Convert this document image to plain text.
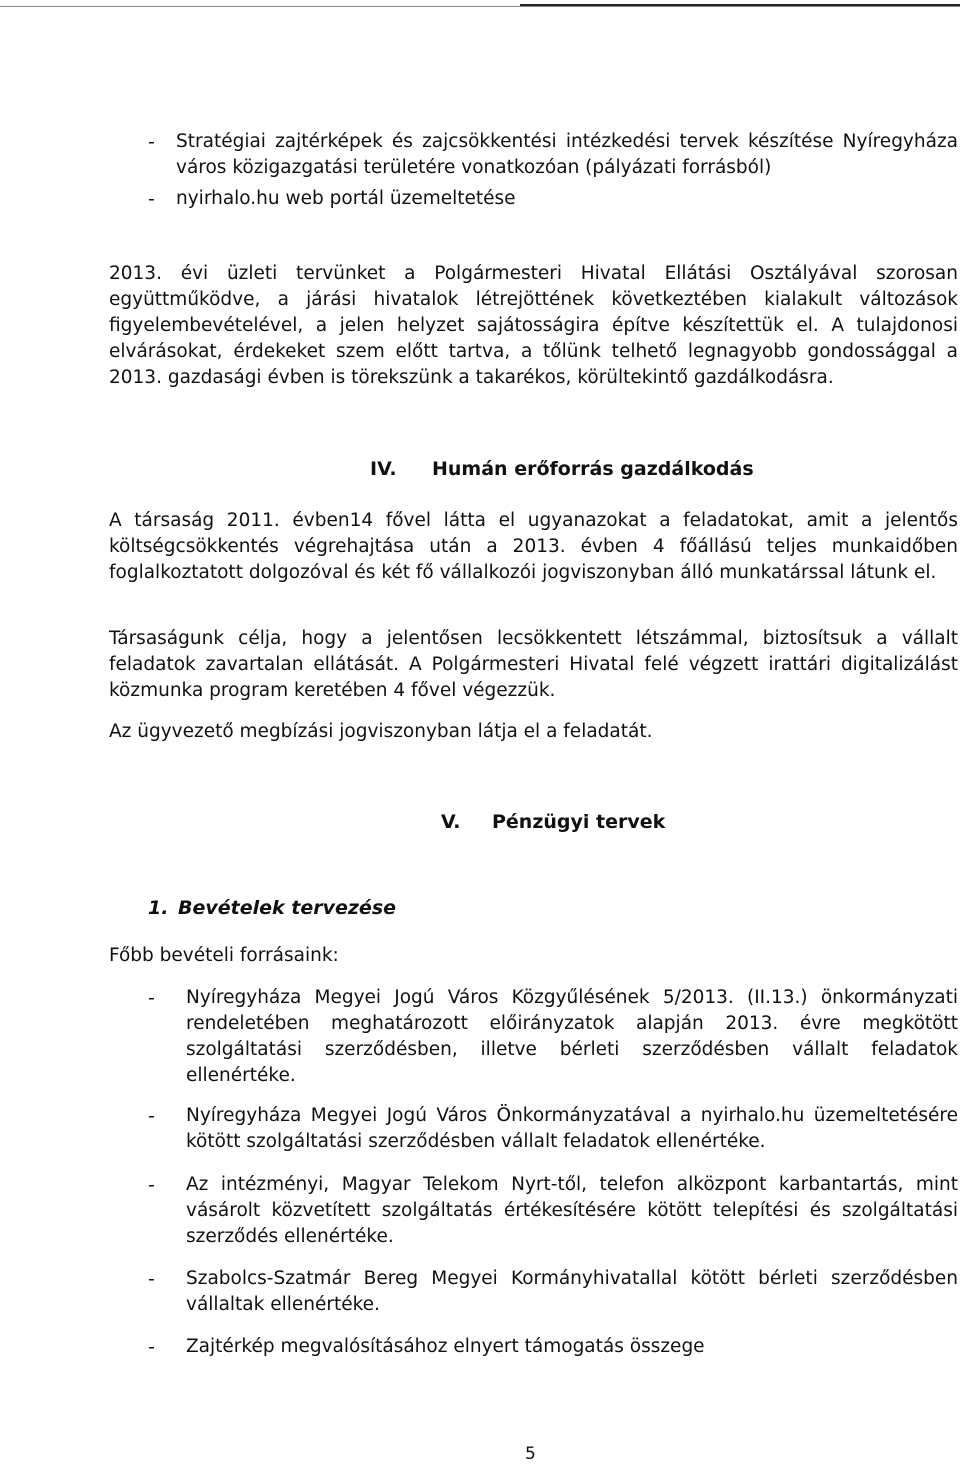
- Stratégiai zajtérképek és zajcsökkentési intézkedési tervek készítése Nyíregyháza város közigazgatási területére vonatkozóan (pályázati forrásból)

- nyirhalo.hu web portál üzemeltetése

2013. évi üzleti tervünket a Polgármesteri Hivatal Ellátási Osztályával szorosan együttműködve, a járási hivatalok létrejöttének következtében kialakult változások figyelembevételével, a jelen helyzet sajátosságira építve készítettük el. A tulajdonosi elvárásokat, érdekeket szem előtt tartva, a tőlünk telhető legnagyobb gondossággal a 2013. gazdasági évben is törekszünk a takarékos, körültekintő gazdálkodásra.

IV. Humán erőforrás gazdálkodás

A társaság 2011. évben14 fővel látta el ugyanazokat a feladatokat, amit a jelentős költségcsökkentés végrehajtása után a 2013. évben 4 főállású teljes munkaidőben foglalkoztatott dolgozóval és két fő vállalkozói jogviszonyban álló munkatárssal látunk el.

Társaságunk célja, hogy a jelentősen lecsökkentett létszámmal, biztosítsuk a vállalt feladatok zavartalan ellátását. A Polgármesteri Hivatal felé végzett irattári digitalizálást közmunka program keretében 4 fővel végezzük.

Az ügyvezető megbízási jogviszonyban látja el a feladatát.

V. Pénzügyi tervek
1. Bevételek tervezése

Főbb bevételi forrásaink:

- Nyíregyháza Megyei Jogú Város Közgyűlésének 5/2013. (II.13.) önkormányzati rendeletében meghatározott előirányzatok alapján 2013. évre megkötött szolgáltatási szerződésben, illetve bérleti szerződésben vállalt feladatok ellenértéke.

- Nyíregyháza Megyei Jogú Város Önkormányzatával a nyirhalo.hu üzemeltetésére kötött szolgáltatási szerződésben vállalt feladatok ellenértéke.

- Az intézményi, Magyar Telekom Nyrt-től, telefon alközpont karbantartás, mint vásárolt közvetített szolgáltatás értékesítésére kötött telepítési és szolgáltatási szerződés ellenértéke.

- Szabolcs-Szatmár Bereg Megyei Kormányhivatallal kötött bérleti szerződésben vállaltak ellenértéke.

- Zajtérkép megvalósításához elnyert támogatás összege

5
